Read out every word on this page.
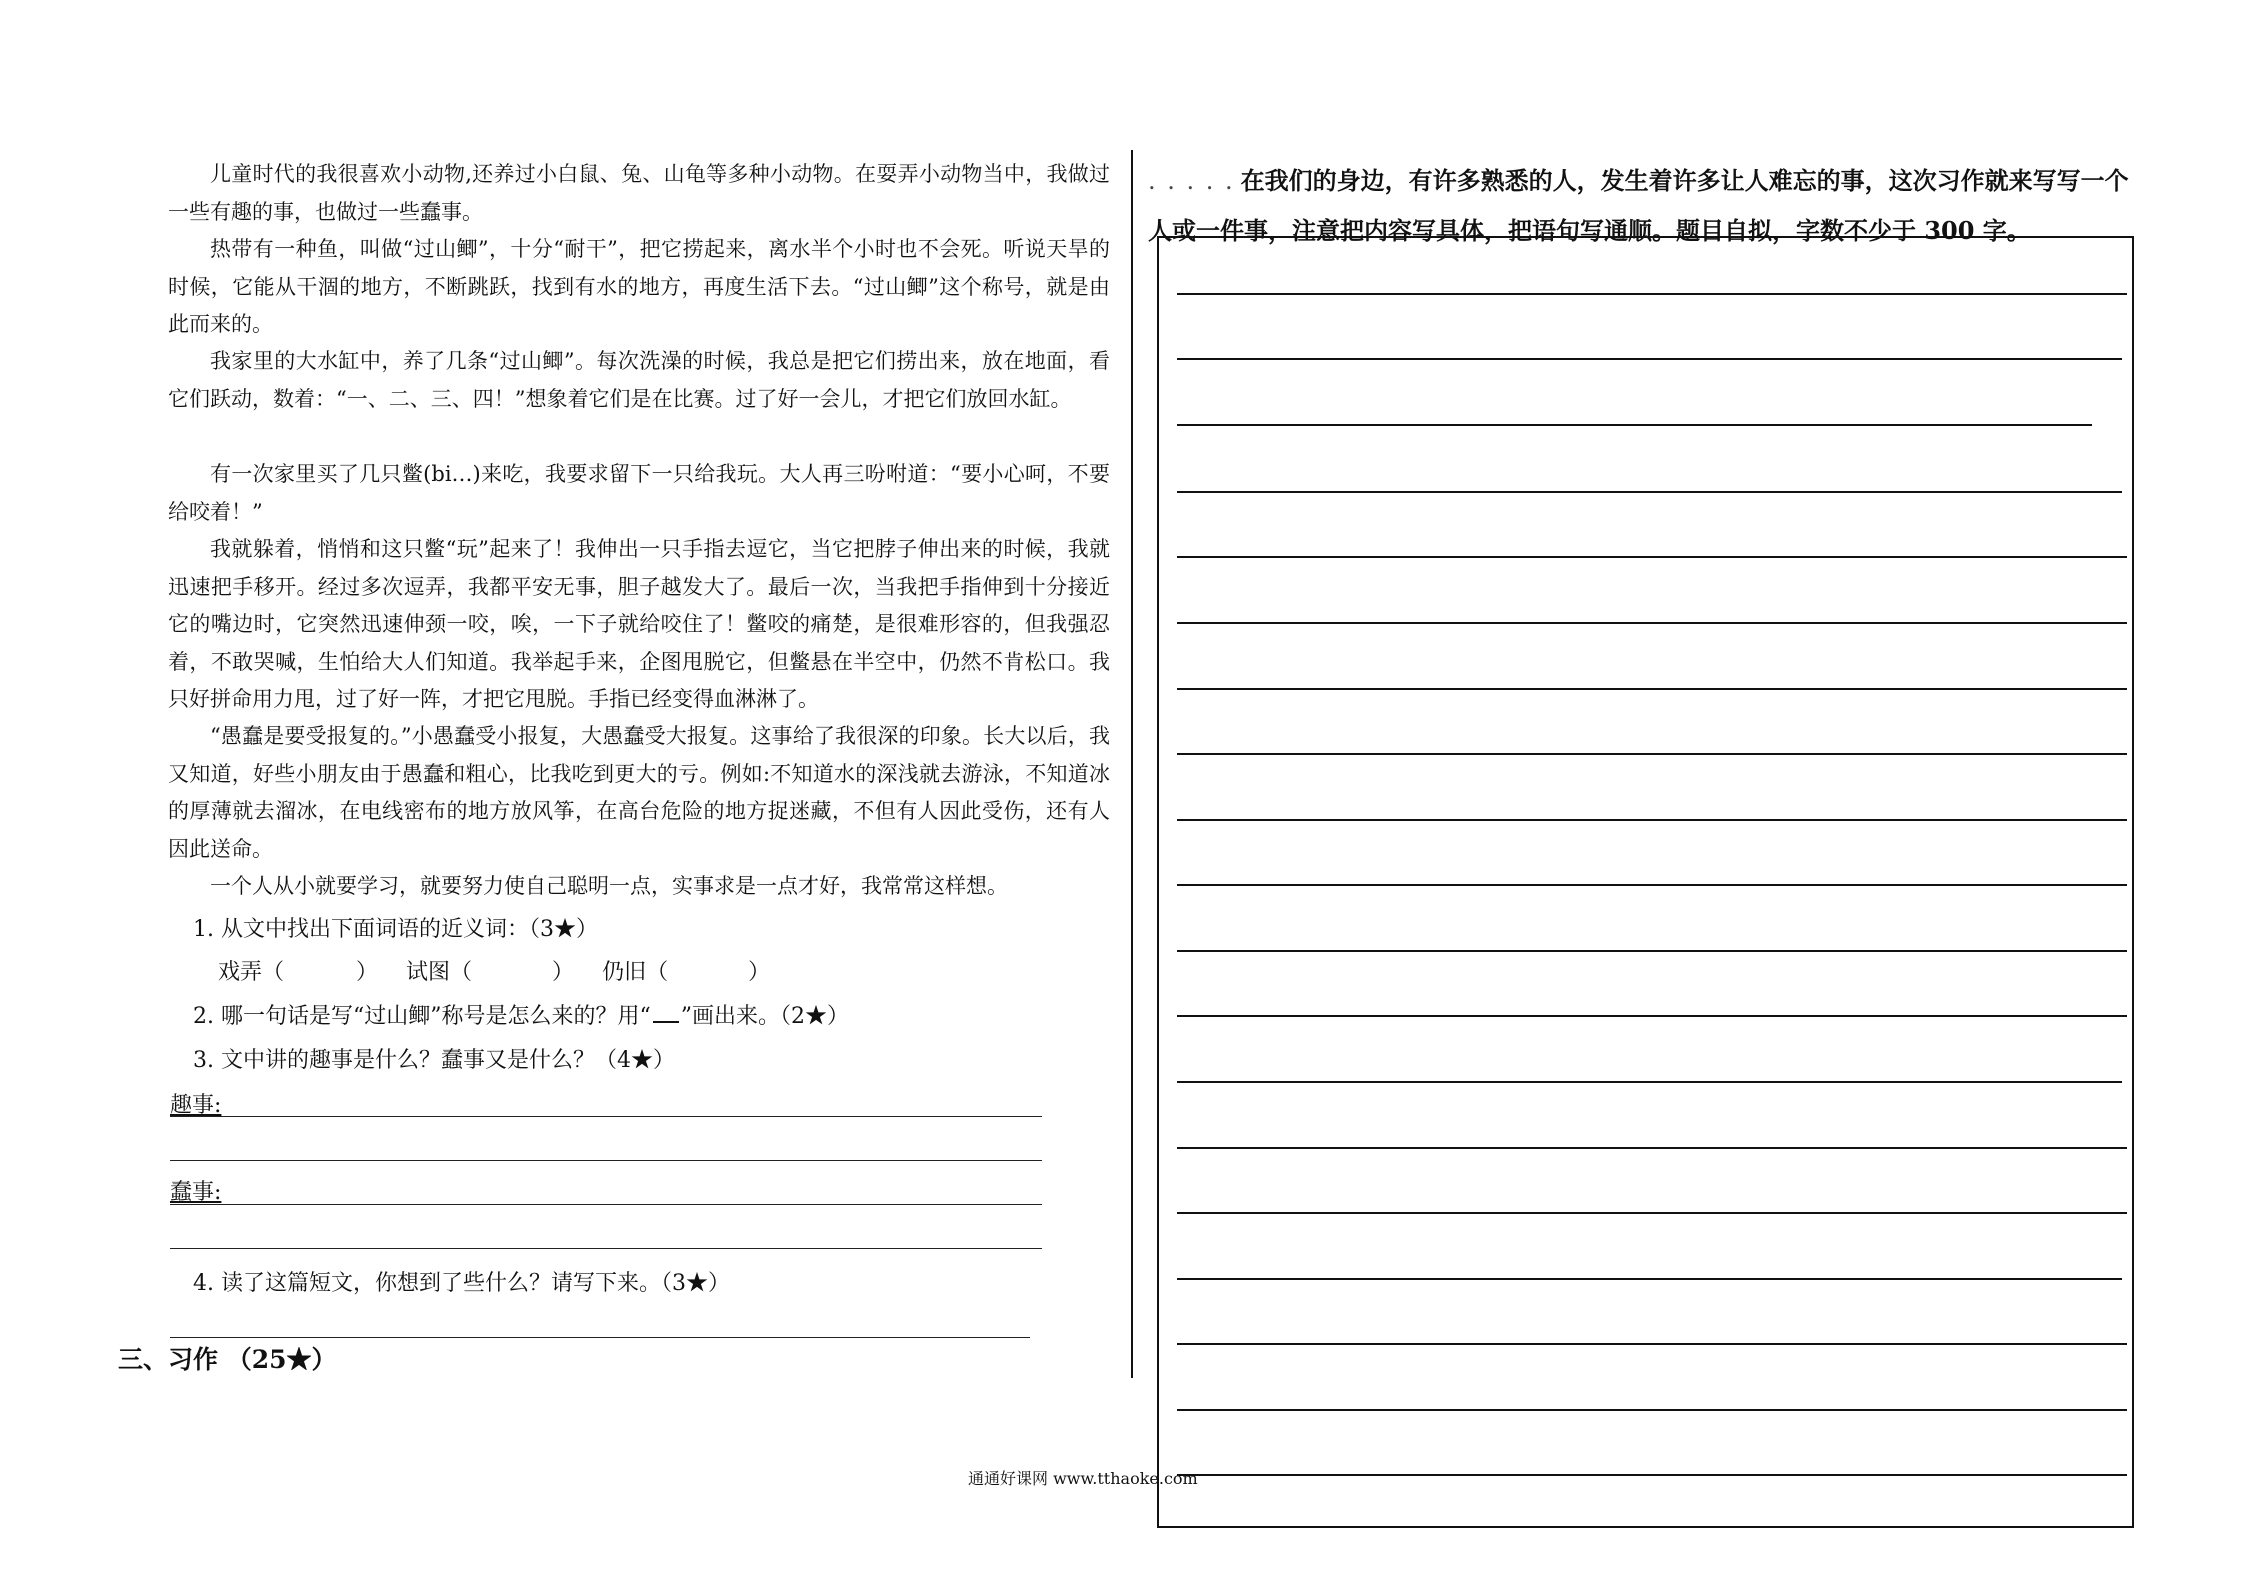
儿童时代的我很喜欢小动物,还养过小白鼠、兔、山龟等多种小动物。在耍弄小动物当中，我做过一些有趣的事，也做过一些蠢事。

热带有一种鱼，叫做“过山鲫”，十分“耐干”，把它捞起来，离水半个小时也不会死。听说天旱的时候，它能从干涸的地方，不断跳跃，找到有水的地方，再度生活下去。“过山鲫”这个称号，就是由此而来的。

我家里的大水缸中，养了几条“过山鲫”。每次洗澡的时候，我总是把它们捞出来，放在地面，看它们跃动，数着：“一、二、三、四！”想象着它们是在比赛。过了好一会儿，才把它们放回水缸。

有一次家里买了几只鳖(bi…)来吃，我要求留下一只给我玩。大人再三吩咐道：“要小心呵，不要给咬着！”

我就躲着，悄悄和这只鳖“玩”起来了！我伸出一只手指去逗它，当它把脖子伸出来的时候，我就迅速把手移开。经过多次逗弄，我都平安无事，胆子越发大了。最后一次，当我把手指伸到十分接近它的嘴边时，它突然迅速伸颈一咬，唉，一下子就给咬住了！鳖咬的痛楚，是很难形容的，但我强忍着，不敢哭喊，生怕给大人们知道。我举起手来，企图甩脱它，但鳖悬在半空中，仍然不肯松口。我只好拼命用力甩，过了好一阵，才把它甩脱。手指已经变得血淋淋了。

“愚蠢是要受报复的。”小愚蠢受小报复，大愚蠢受大报复。这事给了我很深的印象。长大以后，我又知道，好些小朋友由于愚蠢和粗心，比我吃到更大的亏。例如:不知道水的深浅就去游泳，不知道冰的厚薄就去溜冰，在电线密布的地方放风筝，在高台危险的地方捉迷藏，不但有人因此受伤，还有人因此送命。

一个人从小就要学习，就要努力使自己聪明一点，实事求是一点才好，我常常这样想。

1. 从文中找出下面词语的近义词：（3★）
戏弄（	） 试图（	） 仍旧（	）
2. 哪一句话是写“过山鲫”称号是怎么来的？用“ ”画出来。（2★）
3. 文中讲的趣事是什么？蠢事又是什么？（4★）
趣事:
蠢事:
4. 读了这篇短文，你想到了些什么？请写下来。（3★）
三、习作 （25★）
. . . . . 在我们的身边，有许多熟悉的人，发生着许多让人难忘的事，这次习作就来写写一个人或一件事，注意把内容写具体，把语句写通顺。题目自拟，字数不少于 300 字。
通通好课网 www.tthaoke.com
